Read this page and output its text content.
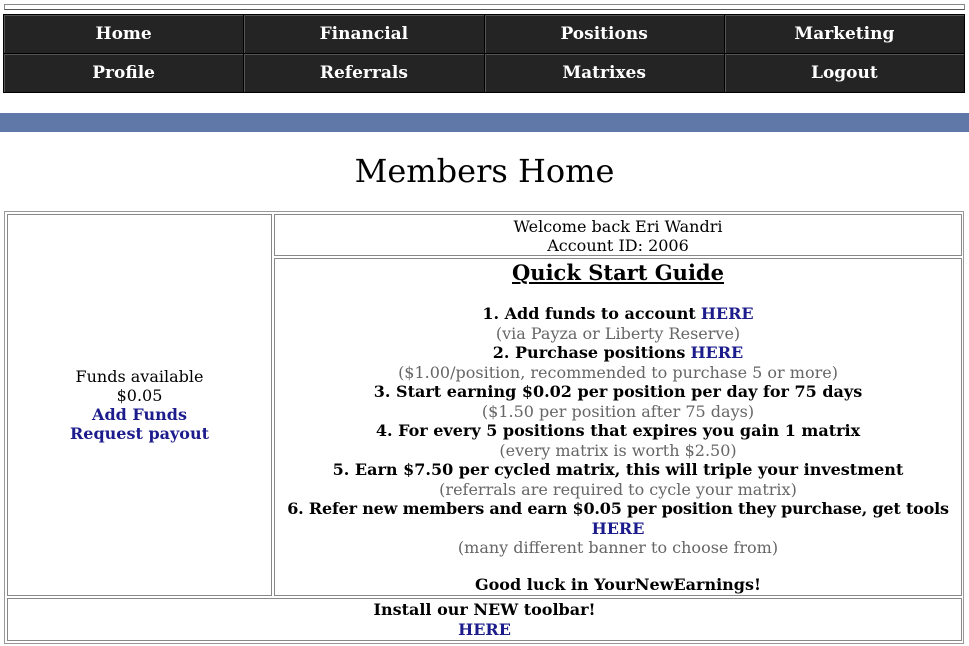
Home	Financial	Positions	Marketing
Profile	Referrals	Matrixes	Logout
Members Home
Funds available
$0.05
Add Funds
Request payout
Welcome back Eri Wandri
Account ID: 2006
Quick Start Guide
1. Add funds to account HERE
(via Payza or Liberty Reserve)
2. Purchase positions HERE
($1.00/position, recommended to purchase 5 or more)
3. Start earning $0.02 per position per day for 75 days
($1.50 per position after 75 days)
4. For every 5 positions that expires you gain 1 matrix
(every matrix is worth $2.50)
5. Earn $7.50 per cycled matrix, this will triple your investment
(referrals are required to cycle your matrix)
6. Refer new members and earn $0.05 per position they purchase, get tools
HERE
(many different banner to choose from)
Good luck in YourNewEarnings!
Install our NEW toolbar!
HERE
